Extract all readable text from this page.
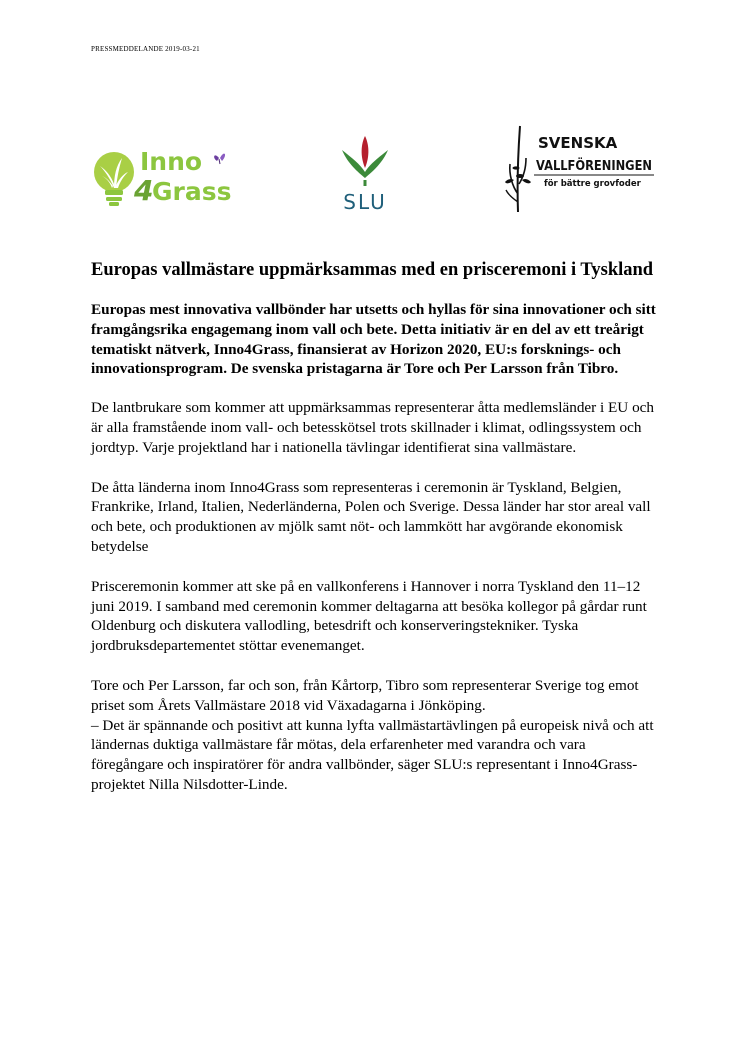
PRESSMEDDELANDE 2019-03-21
Inno
4
Grass	SLU
SVENSKA
VALLFÖRENINGEN
för bättre grovfoder
Europas vallmästare uppmärksammas med en prisceremoni i Tyskland
Europas mest innovativa vallbönder har utsetts och hyllas för sina innovationer och sitt framgångsrika engagemang inom vall och bete. Detta initiativ är en del av ett treårigt tematiskt nätverk, Inno4Grass, finansierat av Horizon 2020, EU:s forsknings- och innovationsprogram. De svenska pristagarna är Tore och Per Larsson från Tibro.

De lantbrukare som kommer att uppmärksammas representerar åtta medlemsländer i EU och är alla framstående inom vall- och betesskötsel trots skillnader i klimat, odlingssystem och jordtyp. Varje projektland har i nationella tävlingar identifierat sina vallmästare.

De åtta länderna inom Inno4Grass som representeras i ceremonin är Tyskland, Belgien, Frankrike, Irland, Italien, Nederländerna, Polen och Sverige. Dessa länder har stor areal vall och bete, och produktionen av mjölk samt nöt- och lammkött har avgörande ekonomisk betydelse

Prisceremonin kommer att ske på en vallkonferens i Hannover i norra Tyskland den 11–12 juni 2019. I samband med ceremonin kommer deltagarna att besöka kollegor på gårdar runt Oldenburg och diskutera vallodling, betesdrift och konserveringstekniker. Tyska jordbruksdepartementet stöttar evenemanget.

Tore och Per Larsson, far och son, från Kårtorp, Tibro som representerar Sverige tog emot priset som Årets Vallmästare 2018 vid Växadagarna i Jönköping.

– Det är spännande och positivt att kunna lyfta vallmästartävlingen på europeisk nivå och att ländernas duktiga vallmästare får mötas, dela erfarenheter med varandra och vara föregångare och inspiratörer för andra vallbönder, säger SLU:s representant i Inno4Grass-projektet Nilla Nilsdotter-Linde.
